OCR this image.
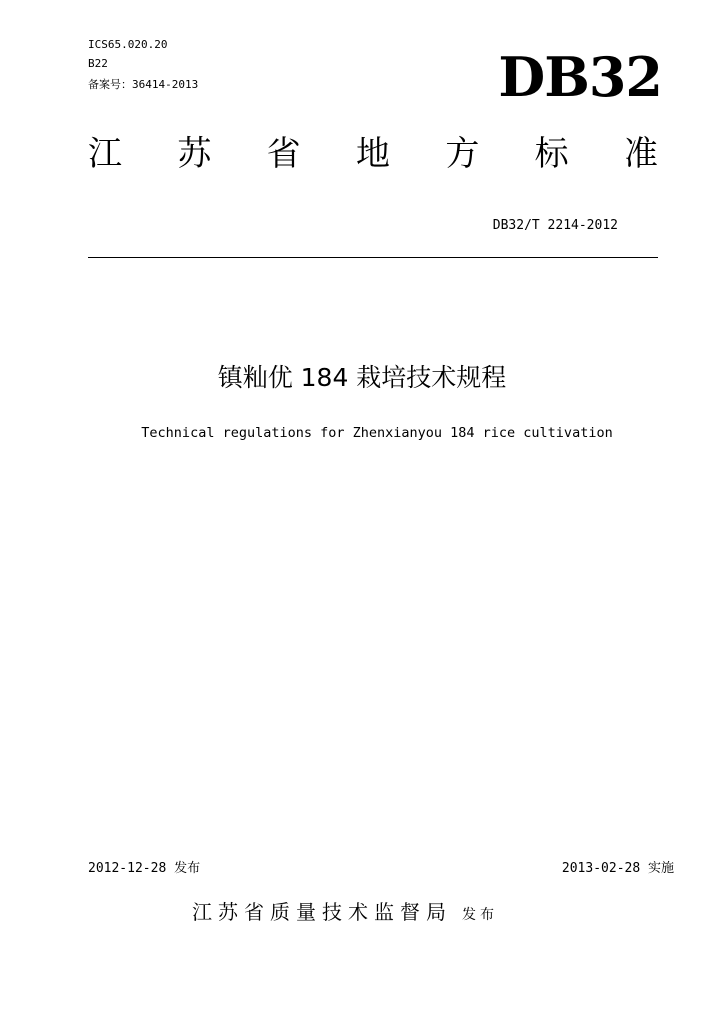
ICS65.020.20
B22
备案号：36414-2013	DB32
江 苏 省 地 方 标 准
DB32/T 2214-2012
镇籼优 184 栽培技术规程
Technical regulations for Zhenxianyou 184 rice cultivation
2012-12-28 发布	2013-02-28 实施
江苏省质量技术监督局 发布
